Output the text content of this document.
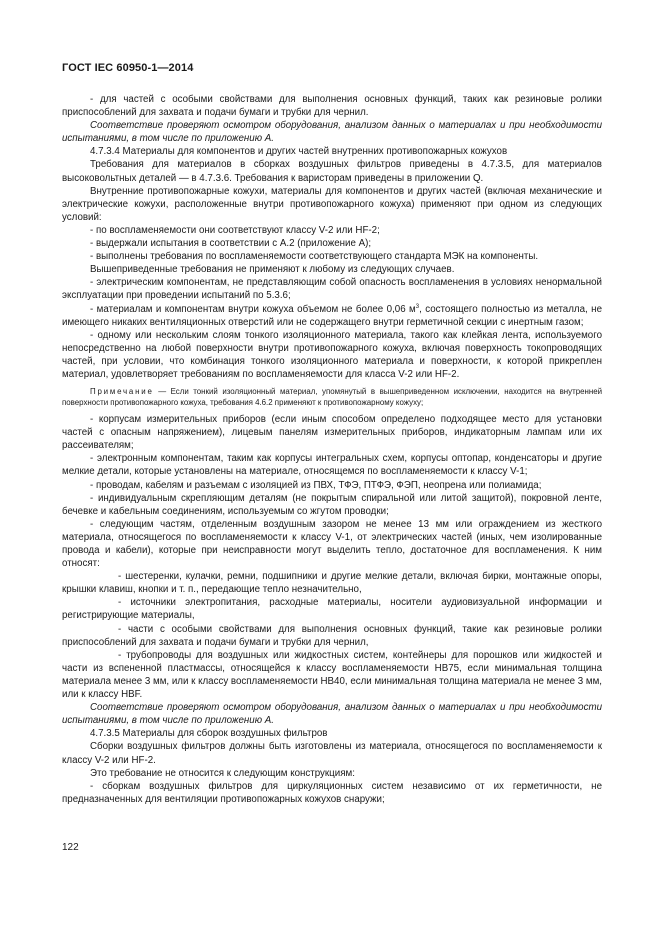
ГОСТ IEC 60950-1—2014

- для частей с особыми свойствами для выполнения основных функций, таких как резиновые ролики приспособлений для захвата и подачи бумаги и трубки для чернил.

Соответствие проверяют осмотром оборудования, анализом данных о материалах и при необходимости испытаниями, в том числе по приложению А.

4.7.3.4 Материалы для компонентов и других частей внутренних противопожарных кожухов

Требования для материалов в сборках воздушных фильтров приведены в 4.7.3.5, для материалов высоковольтных деталей — в 4.7.3.6. Требования к варисторам приведены в приложении Q.

Внутренние противопожарные кожухи, материалы для компонентов и других частей (включая механические и электрические кожухи, расположенные внутри противопожарного кожуха) применяют при одном из следующих условий:

- по воспламеняемости они соответствуют классу V-2 или HF-2;

- выдержали испытания в соответствии с А.2 (приложение А);

- выполнены требования по воспламеняемости соответствующего стандарта МЭК на компоненты.

Вышеприведенные требования не применяют к любому из следующих случаев.

- электрическим компонентам, не представляющим собой опасность воспламенения в условиях ненормальной эксплуатации при проведении испытаний по 5.3.6;

- материалам и компонентам внутри кожуха объемом не более 0,06 $м^3$, состоящего полностью из металла, не имеющего никаких вентиляционных отверстий или не содержащего внутри герметичной секции с инертным газом;

- одному или нескольким слоям тонкого изоляционного материала, такого как клейкая лента, используемого непосредственно на любой поверхности внутри противопожарного кожуха, включая поверхность токопроводящих частей, при условии, что комбинация тонкого изоляционного материала и поверхности, к которой прикреплен материал, удовлетворяет требованиям по воспламеняемости для класса V-2 или HF-2.

Примечание — Если тонкий изоляционный материал, упомянутый в вышеприведенном исключении, находится на внутренней поверхности противопожарного кожуха, требования 4.6.2 применяют к противопожарному кожуху;

- корпусам измерительных приборов (если иным способом определено подходящее место для установки частей с опасным напряжением), лицевым панелям измерительных приборов, индикаторным лампам или их рассеивателям;

- электронным компонентам, таким как корпусы интегральных схем, корпусы оптопар, конденсаторы и другие мелкие детали, которые установлены на материале, относящемся по воспламеняемости к классу V-1;

- проводам, кабелям и разъемам с изоляцией из ПВХ, ТФЭ, ПТФЭ, ФЭП, неопрена или полиамида;

- индивидуальным скрепляющим деталям (не покрытым спиральной или литой защитой), покровной ленте, бечевке и кабельным соединениям, используемым со жгутом проводки;

- следующим частям, отделенным воздушным зазором не менее 13 мм или ограждением из жесткого материала, относящегося по воспламеняемости к классу V-1, от электрических частей (иных, чем изолированные провода и кабели), которые при неисправности могут выделить тепло, достаточное для воспламенения. К ним относят:

- шестеренки, кулачки, ремни, подшипники и другие мелкие детали, включая бирки, монтажные опоры, крышки клавиш, кнопки и т. п., передающие тепло незначительно,

- источники электропитания, расходные материалы, носители аудиовизуальной информации и регистрирующие материалы,

- части с особыми свойствами для выполнения основных функций, такие как резиновые ролики приспособлений для захвата и подачи бумаги и трубки для чернил,

- трубопроводы для воздушных или жидкостных систем, контейнеры для порошков или жидкостей и части из вспененной пластмассы, относящейся к классу воспламеняемости HB75, если минимальная толщина материала менее 3 мм, или к классу воспламеняемости HB40, если минимальная толщина материала не менее 3 мм, или к классу HBF.

Соответствие проверяют осмотром оборудования, анализом данных о материалах и при необходимости испытаниями, в том числе по приложению А.

4.7.3.5 Материалы для сборок воздушных фильтров

Сборки воздушных фильтров должны быть изготовлены из материала, относящегося по воспламеняемости к классу V-2 или HF-2.

Это требование не относится к следующим конструкциям:

- сборкам воздушных фильтров для циркуляционных систем независимо от их герметичности, не предназначенных для вентиляции противопожарных кожухов снаружи;

122
